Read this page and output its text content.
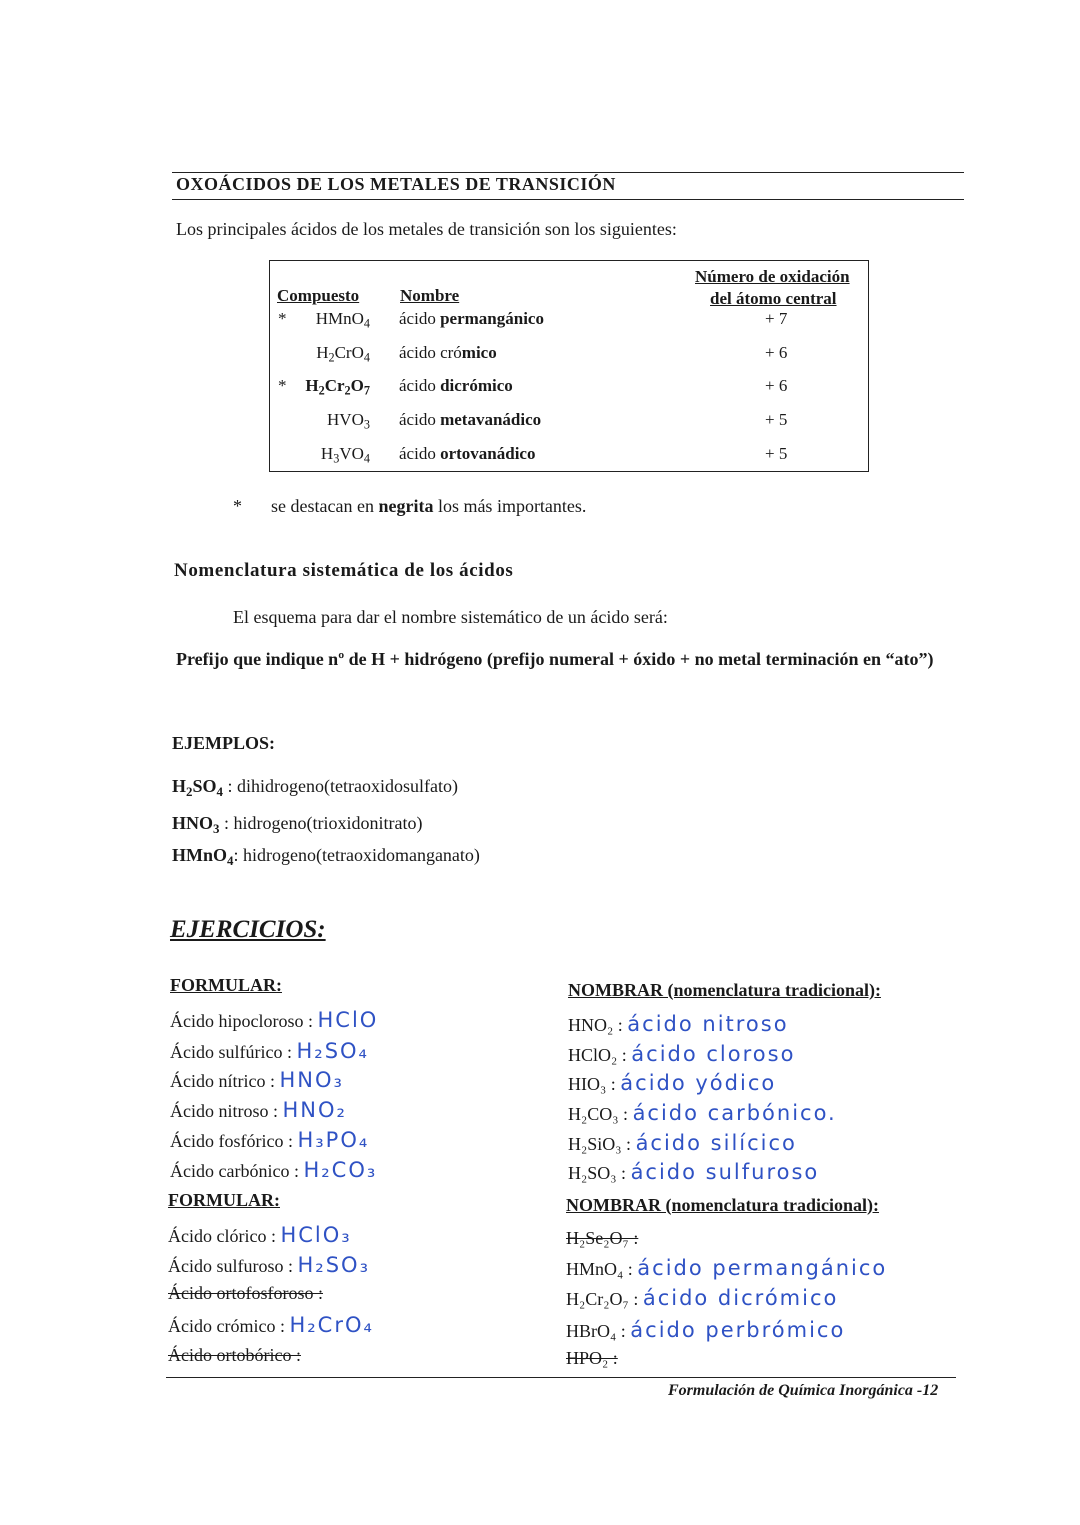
OXOÁCIDOS DE LOS METALES DE TRANSICIÓN
Los principales ácidos de los metales de transición son los siguientes:
Compuesto Nombre
Número de oxidación
del átomo central
* HMnO$_4$ ácido permangánico	+ 7
$H_2CrO_4$ ácido crómico	+ 6
* $H_2Cr_2O_7$ ácido dicrómico	+ 6
$HVO_3$ ácido metavanádico	+ 5
$H_3VO_4$ ácido ortovanádico	+ 5
* se destacan en negrita los más importantes.
Nomenclatura sistemática de los ácidos
El esquema para dar el nombre sistemático de un ácido será:
Prefijo que indique nº de H + hidrógeno (prefijo numeral + óxido + no metal terminación en “ato”)
EJEMPLOS:
$H_2SO_4$ : dihidrogeno(tetraoxidosulfato)
$HNO_3$ : hidrogeno(trioxidonitrato)
HMnO$_4$: hidrogeno(tetraoxidomanganato)
EJERCICIOS:
FORMULAR:
Ácido hipocloroso : HClO
Ácido sulfúrico : H₂SO₄
Ácido nítrico : HNO₃
Ácido nitroso : HNO₂
Ácido fosfórico : H₃PO₄
Ácido carbónico : H₂CO₃
FORMULAR:
Ácido clórico : HClO₃
Ácido sulfuroso : H₂SO₃
Ácido ortofosforoso :
Ácido crómico : H₂CrO₄
Ácido ortobórico :
NOMBRAR (nomenclatura tradicional):
HNO₂ : ácido nitroso
HClO₂ : ácido cloroso
HIO₃ : ácido yódico
H₂CO₃ : ácido carbónico.
H₂SiO₃ : ácido silícico
H₂SO₃ : ácido sulfuroso
NOMBRAR (nomenclatura tradicional):
H₂Se₂O₇ :
HMnO₄ : ácido permangánico
H₂Cr₂O₇ : ácido dicrómico
HBrO₄ : ácido perbrómico
HPO₂ :
Formulación de Química Inorgánica -12
